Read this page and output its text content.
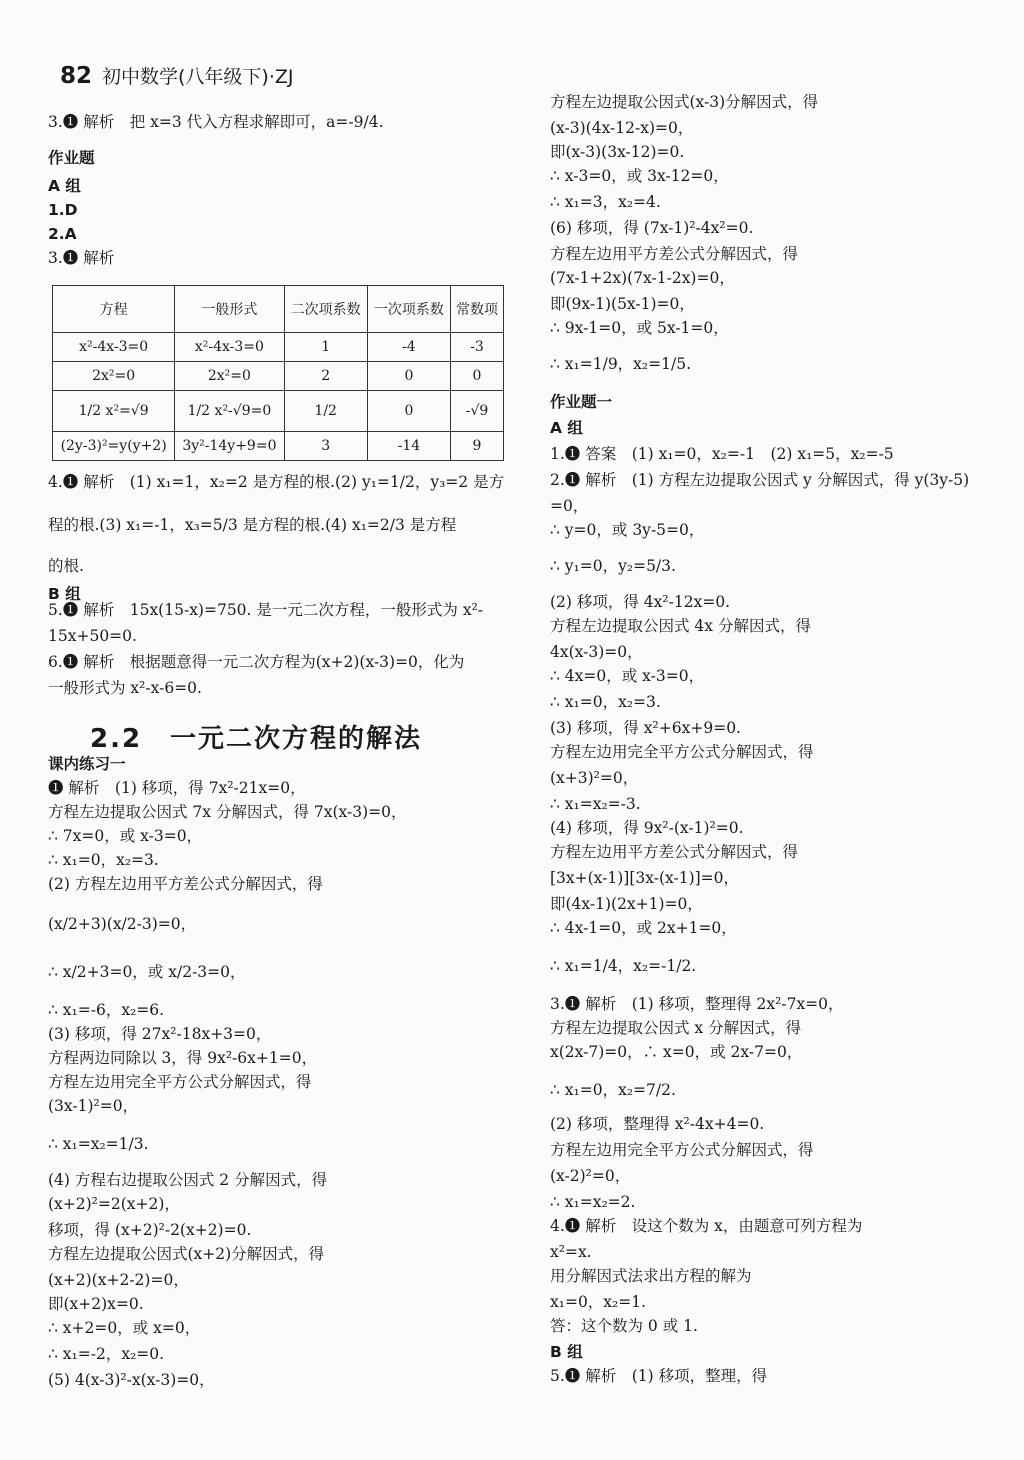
82 初中数学(八年级下)·ZJ
3.❶ 解析　把 x=3 代入方程求解即可，a=-9/4.
作业题
A 组
1.D
2.A
3.❶ 解析
4.❶ 解析　(1) x₁=1，x₂=2 是方程的根.(2) y₁=1/2，y₃=2 是方
程的根.(3) x₁=-1，x₃=5/3 是方程的根.(4) x₁=2/3 是方程
的根.
B 组
5.❶ 解析　15x(15-x)=750. 是一元二次方程，一般形式为 x²-
15x+50=0.
6.❶ 解析　根据题意得一元二次方程为(x+2)(x-3)=0，化为
一般形式为 x²-x-6=0.
课内练习一
❶ 解析　(1) 移项，得 7x²-21x=0，
方程左边提取公因式 7x 分解因式，得 7x(x-3)=0，
∴ 7x=0，或 x-3=0，
∴ x₁=0，x₂=3.
(2) 方程左边用平方差公式分解因式，得
(x/2+3)(x/2-3)=0，
∴ x/2+3=0，或 x/2-3=0，
∴ x₁=-6，x₂=6.
(3) 移项，得 27x²-18x+3=0，
方程两边同除以 3，得 9x²-6x+1=0，
方程左边用完全平方公式分解因式，得
(3x-1)²=0，
∴ x₁=x₂=1/3.
(4) 方程右边提取公因式 2 分解因式，得
(x+2)²=2(x+2)，
移项，得 (x+2)²-2(x+2)=0.
方程左边提取公因式(x+2)分解因式，得
(x+2)(x+2-2)=0，
即(x+2)x=0.
∴ x+2=0，或 x=0，
∴ x₁=-2，x₂=0.
(5) 4(x-3)²-x(x-3)=0，
方程左边提取公因式(x-3)分解因式，得
(x-3)(4x-12-x)=0，
即(x-3)(3x-12)=0.
∴ x-3=0，或 3x-12=0，
∴ x₁=3，x₂=4.
(6) 移项，得 (7x-1)²-4x²=0.
方程左边用平方差公式分解因式，得
(7x-1+2x)(7x-1-2x)=0，
即(9x-1)(5x-1)=0，
∴ 9x-1=0，或 5x-1=0，
∴ x₁=1/9，x₂=1/5.
作业题一
A 组
1.❶ 答案　(1) x₁=0，x₂=-1　(2) x₁=5，x₂=-5
2.❶ 解析　(1) 方程左边提取公因式 y 分解因式，得 y(3y-5)
=0，
∴ y=0，或 3y-5=0，
∴ y₁=0，y₂=5/3.
(2) 移项，得 4x²-12x=0.
方程左边提取公因式 4x 分解因式，得
4x(x-3)=0，
∴ 4x=0，或 x-3=0，
∴ x₁=0，x₂=3.
(3) 移项，得 x²+6x+9=0.
方程左边用完全平方公式分解因式，得
(x+3)²=0，
∴ x₁=x₂=-3.
(4) 移项，得 9x²-(x-1)²=0.
方程左边用平方差公式分解因式，得
[3x+(x-1)][3x-(x-1)]=0，
即(4x-1)(2x+1)=0，
∴ 4x-1=0，或 2x+1=0，
∴ x₁=1/4，x₂=-1/2.
3.❶ 解析　(1) 移项，整理得 2x²-7x=0，
方程左边提取公因式 x 分解因式，得
x(2x-7)=0，∴ x=0，或 2x-7=0，
∴ x₁=0，x₂=7/2.
(2) 移项，整理得 x²-4x+4=0.
方程左边用完全平方公式分解因式，得
(x-2)²=0，
∴ x₁=x₂=2.
4.❶ 解析　设这个数为 x，由题意可列方程为
x²=x.
用分解因式法求出方程的解为
x₁=0，x₂=1.
答：这个数为 0 或 1.
B 组
5.❶ 解析　(1) 移项，整理，得
2.2　一元二次方程的解法
方程	一般形式	二次项系数	一次项系数	常数项
x²-4x-3=0	x²-4x-3=0	1	-4	-3
2x²=0	2x²=0	2	0	0
1/2 x²=√9	1/2 x²-√9=0	1/2	0	-√9
(2y-3)²=y(y+2)	3y²-14y+9=0	3	-14	9
